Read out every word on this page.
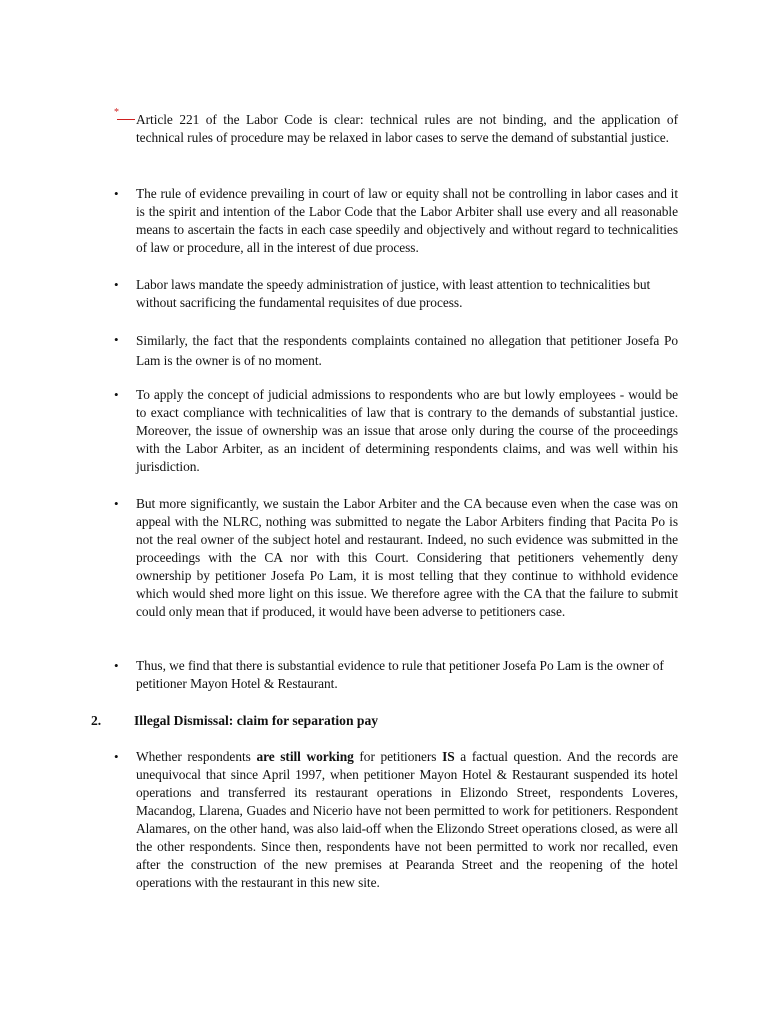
* Article 221 of the Labor Code is clear: technical rules are not binding, and the application of technical rules of procedure may be relaxed in labor cases to serve the demand of substantial justice.
•	The rule of evidence prevailing in court of law or equity shall not be controlling in labor cases and it is the spirit and intention of the Labor Code that the Labor Arbiter shall use every and all reasonable means to ascertain the facts in each case speedily and objectively and without regard to technicalities of law or procedure, all in the interest of due process.
•	Labor laws mandate the speedy administration of justice, with least attention to technicalities but without sacrificing the fundamental requisites of due process.
•	Similarly, the fact that the respondents complaints contained no allegation that petitioner Josefa Po Lam is the owner is of no moment.
•	To apply the concept of judicial admissions to respondents who are but lowly employees - would be to exact compliance with technicalities of law that is contrary to the demands of substantial justice. Moreover, the issue of ownership was an issue that arose only during the course of the proceedings with the Labor Arbiter, as an incident of determining respondents claims, and was well within his jurisdiction.
•	But more significantly, we sustain the Labor Arbiter and the CA because even when the case was on appeal with the NLRC, nothing was submitted to negate the Labor Arbiters finding that Pacita Po is not the real owner of the subject hotel and restaurant. Indeed, no such evidence was submitted in the proceedings with the CA nor with this Court. Considering that petitioners vehemently deny ownership by petitioner Josefa Po Lam, it is most telling that they continue to withhold evidence which would shed more light on this issue. We therefore agree with the CA that the failure to submit could only mean that if produced, it would have been adverse to petitioners case.
•	Thus, we find that there is substantial evidence to rule that petitioner Josefa Po Lam is the owner of petitioner Mayon Hotel & Restaurant.
2. Illegal Dismissal: claim for separation pay
•	Whether respondents are still working for petitioners IS a factual question. And the records are unequivocal that since April 1997, when petitioner Mayon Hotel & Restaurant suspended its hotel operations and transferred its restaurant operations in Elizondo Street, respondents Loveres, Macandog, Llarena, Guades and Nicerio have not been permitted to work for petitioners. Respondent Alamares, on the other hand, was also laid-off when the Elizondo Street operations closed, as were all the other respondents. Since then, respondents have not been permitted to work nor recalled, even after the construction of the new premises at Pearanda Street and the reopening of the hotel operations with the restaurant in this new site.
